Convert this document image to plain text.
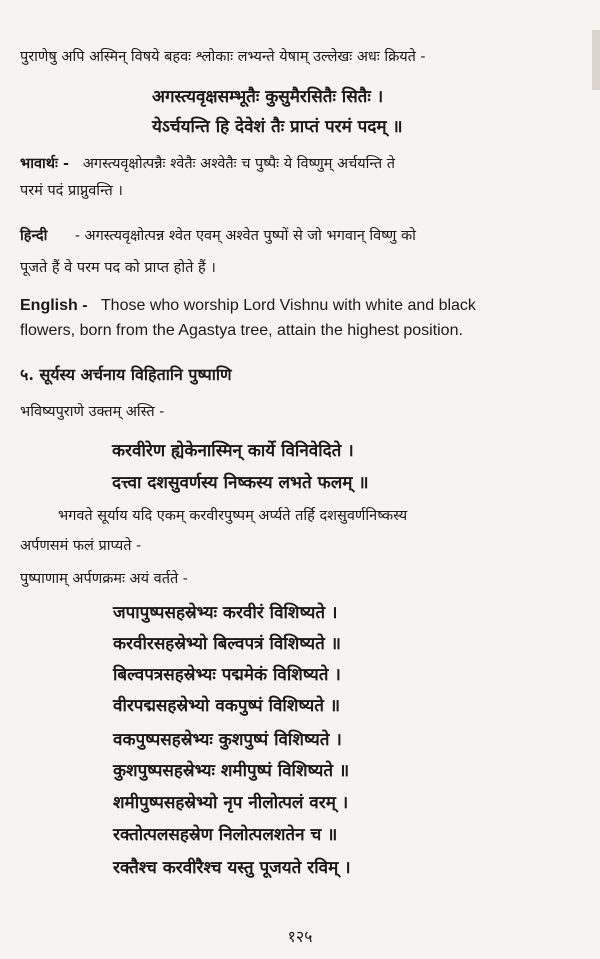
पुराणेषु अपि अस्मिन् विषये बहवः श्लोकाः लभ्यन्ते येषाम् उल्लेखः अधः क्रियते -
अगस्त्यवृक्षसम्भूतैः कुसुमैरसितैः सितैः ।
येऽर्चयन्ति हि देवेशं तैः प्राप्तं परमं पदम् ॥
भावार्थः - अगस्त्यवृक्षोत्पन्नैः श्वेतैः अश्वेतैः च पुष्पैः ये विष्णुम् अर्चयन्ति ते
परमं पदं प्राप्नुवन्ति ।
हिन्दी - अगस्त्यवृक्षोत्पन्न श्वेत एवम् अश्वेत पुष्पों से जो भगवान् विष्णु को
पूजते हैं वे परम पद को प्राप्त होते हैं ।
English - Those who worship Lord Vishnu with white and black
flowers, born from the Agastya tree, attain the highest position.
५. सूर्यस्य अर्चनाय विहितानि पुष्पाणि
भविष्यपुराणे उक्तम् अस्ति -
करवीरेण ह्येकेनास्मिन् कार्ये विनिवेदिते ।
दत्त्वा दशसुवर्णस्य निष्कस्य लभते फलम् ॥
भगवते सूर्याय यदि एकम् करवीरपुष्पम् अर्प्यते तर्हि दशसुवर्णनिष्कस्य
अर्पणसमं फलं प्राप्यते -
पुष्पाणाम् अर्पणक्रमः अयं वर्तते -
जपापुष्पसहस्रेभ्यः करवीरं विशिष्यते ।
करवीरसहस्रेभ्यो बिल्वपत्रं विशिष्यते ॥
बिल्वपत्रसहस्रेभ्यः पद्ममेकं विशिष्यते ।
वीरपद्मसहस्रेभ्यो वकपुष्पं विशिष्यते ॥
वकपुष्पसहस्रेभ्यः कुशपुष्पं विशिष्यते ।
कुशपुष्पसहस्रेभ्यः शमीपुष्पं विशिष्यते ॥
शमीपुष्पसहस्रेभ्यो नृप नीलोत्पलं वरम् ।
रक्तोत्पलसहस्रेण निलोत्पलशतेन च ॥
रक्तैश्च करवीरैश्च यस्तु पूजयते रविम् ।
१२५
